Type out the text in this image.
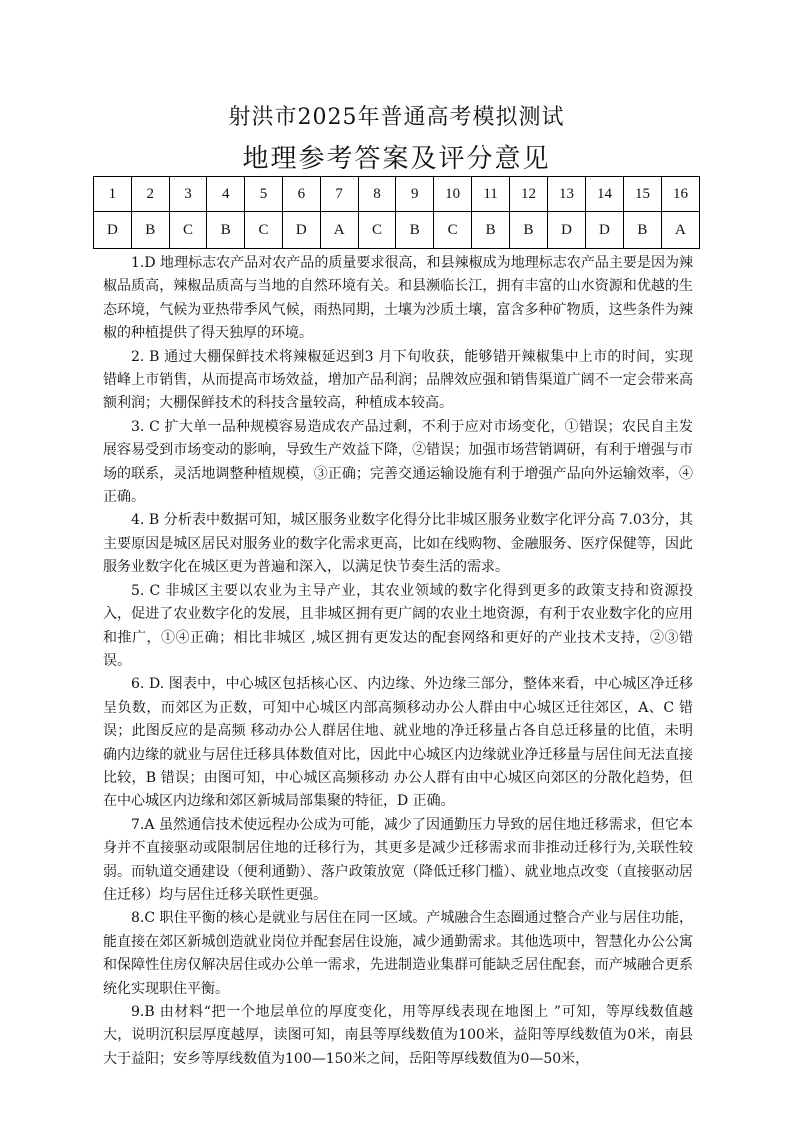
射洪市2025年普通高考模拟测试
地理参考答案及评分意见
1	2	3	4	5	6	7	8	9	10	11	12	13	14	15	16
D	B	C	B	C	D	A	C	B	C	B	B	D	D	B	A

1.D 地理标志农产品对农产品的质量要求很高，和县辣椒成为地理标志农产品主要是因为辣椒品质高，辣椒品质高与当地的自然环境有关。和县濒临长江，拥有丰富的山水资源和优越的生态环境，气候为亚热带季风气候，雨热同期，土壤为沙质土壤，富含多种矿物质，这些条件为辣椒的种植提供了得天独厚的环境。

2. B 通过大棚保鲜技术将辣椒延迟到3 月下旬收获，能够错开辣椒集中上市的时间，实现错峰上市销售，从而提高市场效益，增加产品利润；品牌效应强和销售渠道广阔不一定会带来高额利润；大棚保鲜技术的科技含量较高，种植成本较高。

3. C 扩大单一品种规模容易造成农产品过剩，不利于应对市场变化，①错误；农民自主发展容易受到市场变动的影响，导致生产效益下降，②错误；加强市场营销调研，有利于增强与市场的联系，灵活地调整种植规模，③正确；完善交通运输设施有利于增强产品向外运输效率，④正确。

4. B 分析表中数据可知，城区服务业数字化得分比非城区服务业数字化评分高 7.03分，其主要原因是城区居民对服务业的数字化需求更高，比如在线购物、金融服务、医疗保健等，因此服务业数字化在城区更为普遍和深入，以满足快节奏生活的需求。

5. C 非城区主要以农业为主导产业，其农业领域的数字化得到更多的政策支持和资源投入，促进了农业数字化的发展，且非城区拥有更广阔的农业土地资源，有利于农业数字化的应用和推广，①④正确；相比非城区 ,城区拥有更发达的配套网络和更好的产业技术支持，②③错误。

6. D. 图表中，中心城区包括核心区、内边缘、外边缘三部分，整体来看，中心城区净迁移呈负数，而郊区为正数，可知中心城区内部高频移动办公人群由中心城区迁往郊区，A、C 错误；此图反应的是高频 移动办公人群居住地、就业地的净迁移量占各自总迁移量的比值，未明确内边缘的就业与居住迁移具体数值对比，因此中心城区内边缘就业净迁移量与居住间无法直接比较，B 错误；由图可知，中心城区高频移动 办公人群有由中心城区向郊区的分散化趋势，但在中心城区内边缘和郊区新城局部集聚的特征，D 正确。

7.A 虽然通信技术使远程办公成为可能，减少了因通勤压力导致的居住地迁移需求，但它本身并不直接驱动或限制居住地的迁移行为，其更多是减少迁移需求而非推动迁移行为,关联性较弱。而轨道交通建设（便利通勤）、落户政策放宽（降低迁移门槛）、就业地点改变（直接驱动居住迁移）均与居住迁移关联性更强。

8.C 职住平衡的核心是就业与居住在同一区域。产城融合生态圈通过整合产业与居住功能，能直接在郊区新城创造就业岗位并配套居住设施，减少通勤需求。其他选项中，智慧化办公公寓和保障性住房仅解决居住或办公单一需求，先进制造业集群可能缺乏居住配套，而产城融合更系统化实现职住平衡。

9.B 由材料“把一个地层单位的厚度变化，用等厚线表现在地图上 ”可知，等厚线数值越大，说明沉积层厚度越厚，读图可知，南县等厚线数值为100米，益阳等厚线数值为0米，南县大于益阳；安乡等厚线数值为100—150米之间，岳阳等厚线数值为0—50米，
